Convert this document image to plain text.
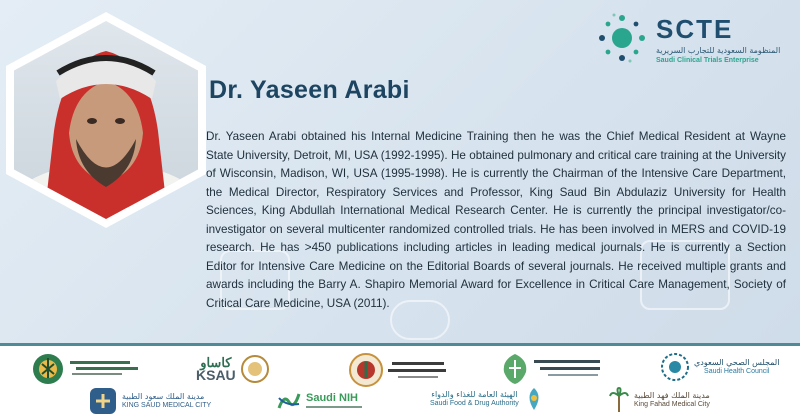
SCTE
المنظومة السعودية للتجارب السريرية
Saudi Clinical Trials Enterprise
Dr. Yaseen Arabi

Dr. Yaseen Arabi obtained his Internal Medicine Training then he was the Chief Medical Resident at Wayne State University, Detroit, MI, USA (1992-1995). He obtained pulmonary and critical care training at the University of Wisconsin, Madison, WI, USA (1995-1998). He is currently the Chairman of the Intensive Care Department, the Medical Director, Respiratory Services and Professor, King Saud Bin Abdulaziz University for Health Sciences, King Abdullah International Medical Research Center. He is currently the principal investigator/co-investigator on several multicenter randomized controlled trials. He has been involved in MERS and COVID-19 research. He has >450 publications including articles in leading medical journals. He is currently a Section Editor for Intensive Care Medicine on the Editorial Boards of several journals. He received multiple grants and awards including the Barry A. Shapiro Memorial Award for Excellence in Critical Care Management, Society of Critical Care Medicine, USA (2011).

كاساو
KSAU
المجلس الصحي السعودي
Saudi Health Council
مدينة الملك سعود الطبية
KING SAUD MEDICAL CITY
Saudi NIH	الهيئة العامة للغذاء والدواء
Saudi Food & Drug Authority
مدينة الملك فهد الطبية
King Fahad Medical City
